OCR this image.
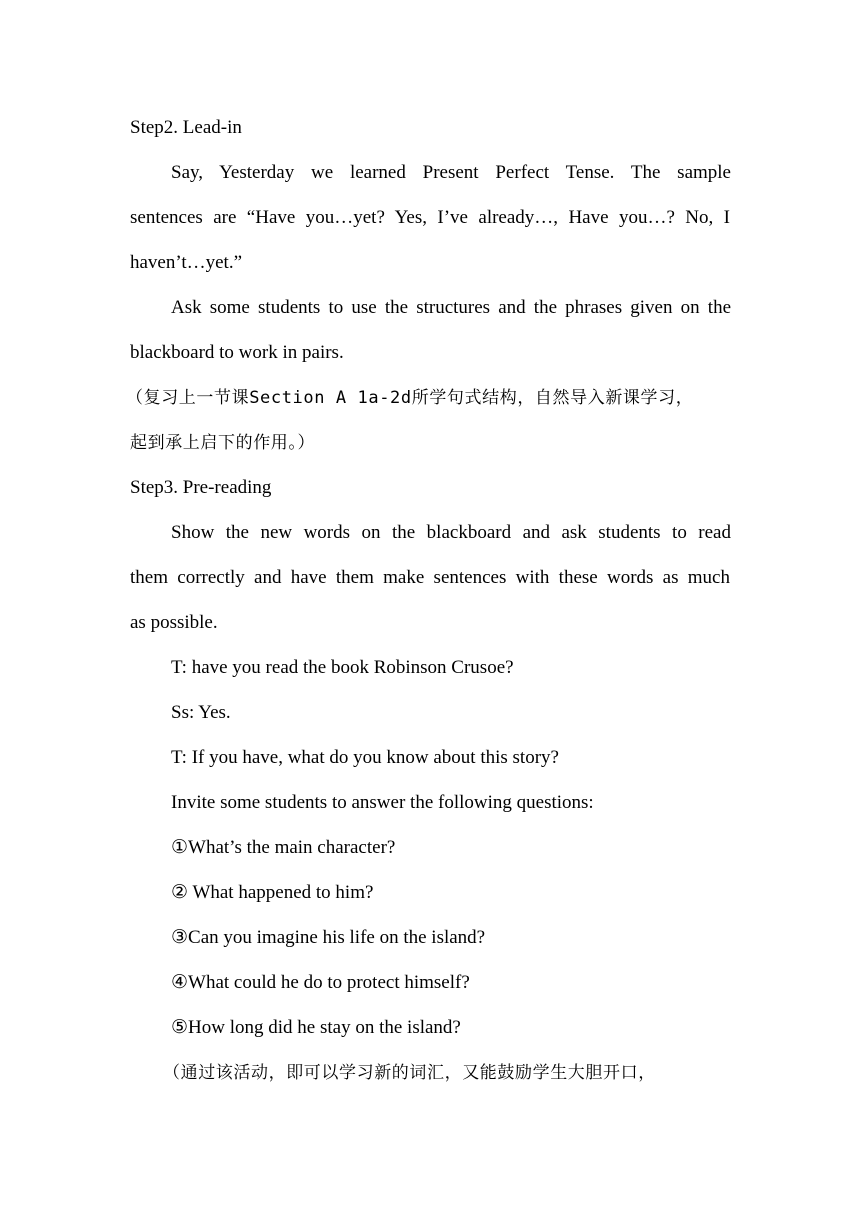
Step2. Lead-in
Say, Yesterday we learned Present Perfect Tense. The sample
sentences are “Have you…yet? Yes, I’ve already…, Have you…? No, I
haven’t…yet.”
Ask some students to use the structures and the phrases given on the
blackboard to work in pairs.
（复习上一节课Section A 1a-2d所学句式结构，自然导入新课学习，
起到承上启下的作用。）
Step3. Pre-reading
Show the new words on the blackboard and ask students to read
them correctly and have them make sentences with these words as much
as possible.
T: have you read the book Robinson Crusoe?
Ss: Yes.
T: If you have, what do you know about this story?
Invite some students to answer the following questions:
①What’s the main character?
② What happened to him?
③Can you imagine his life on the island?
④What could he do to protect himself?
⑤How long did he stay on the island?
（通过该活动，即可以学习新的词汇，又能鼓励学生大胆开口，
